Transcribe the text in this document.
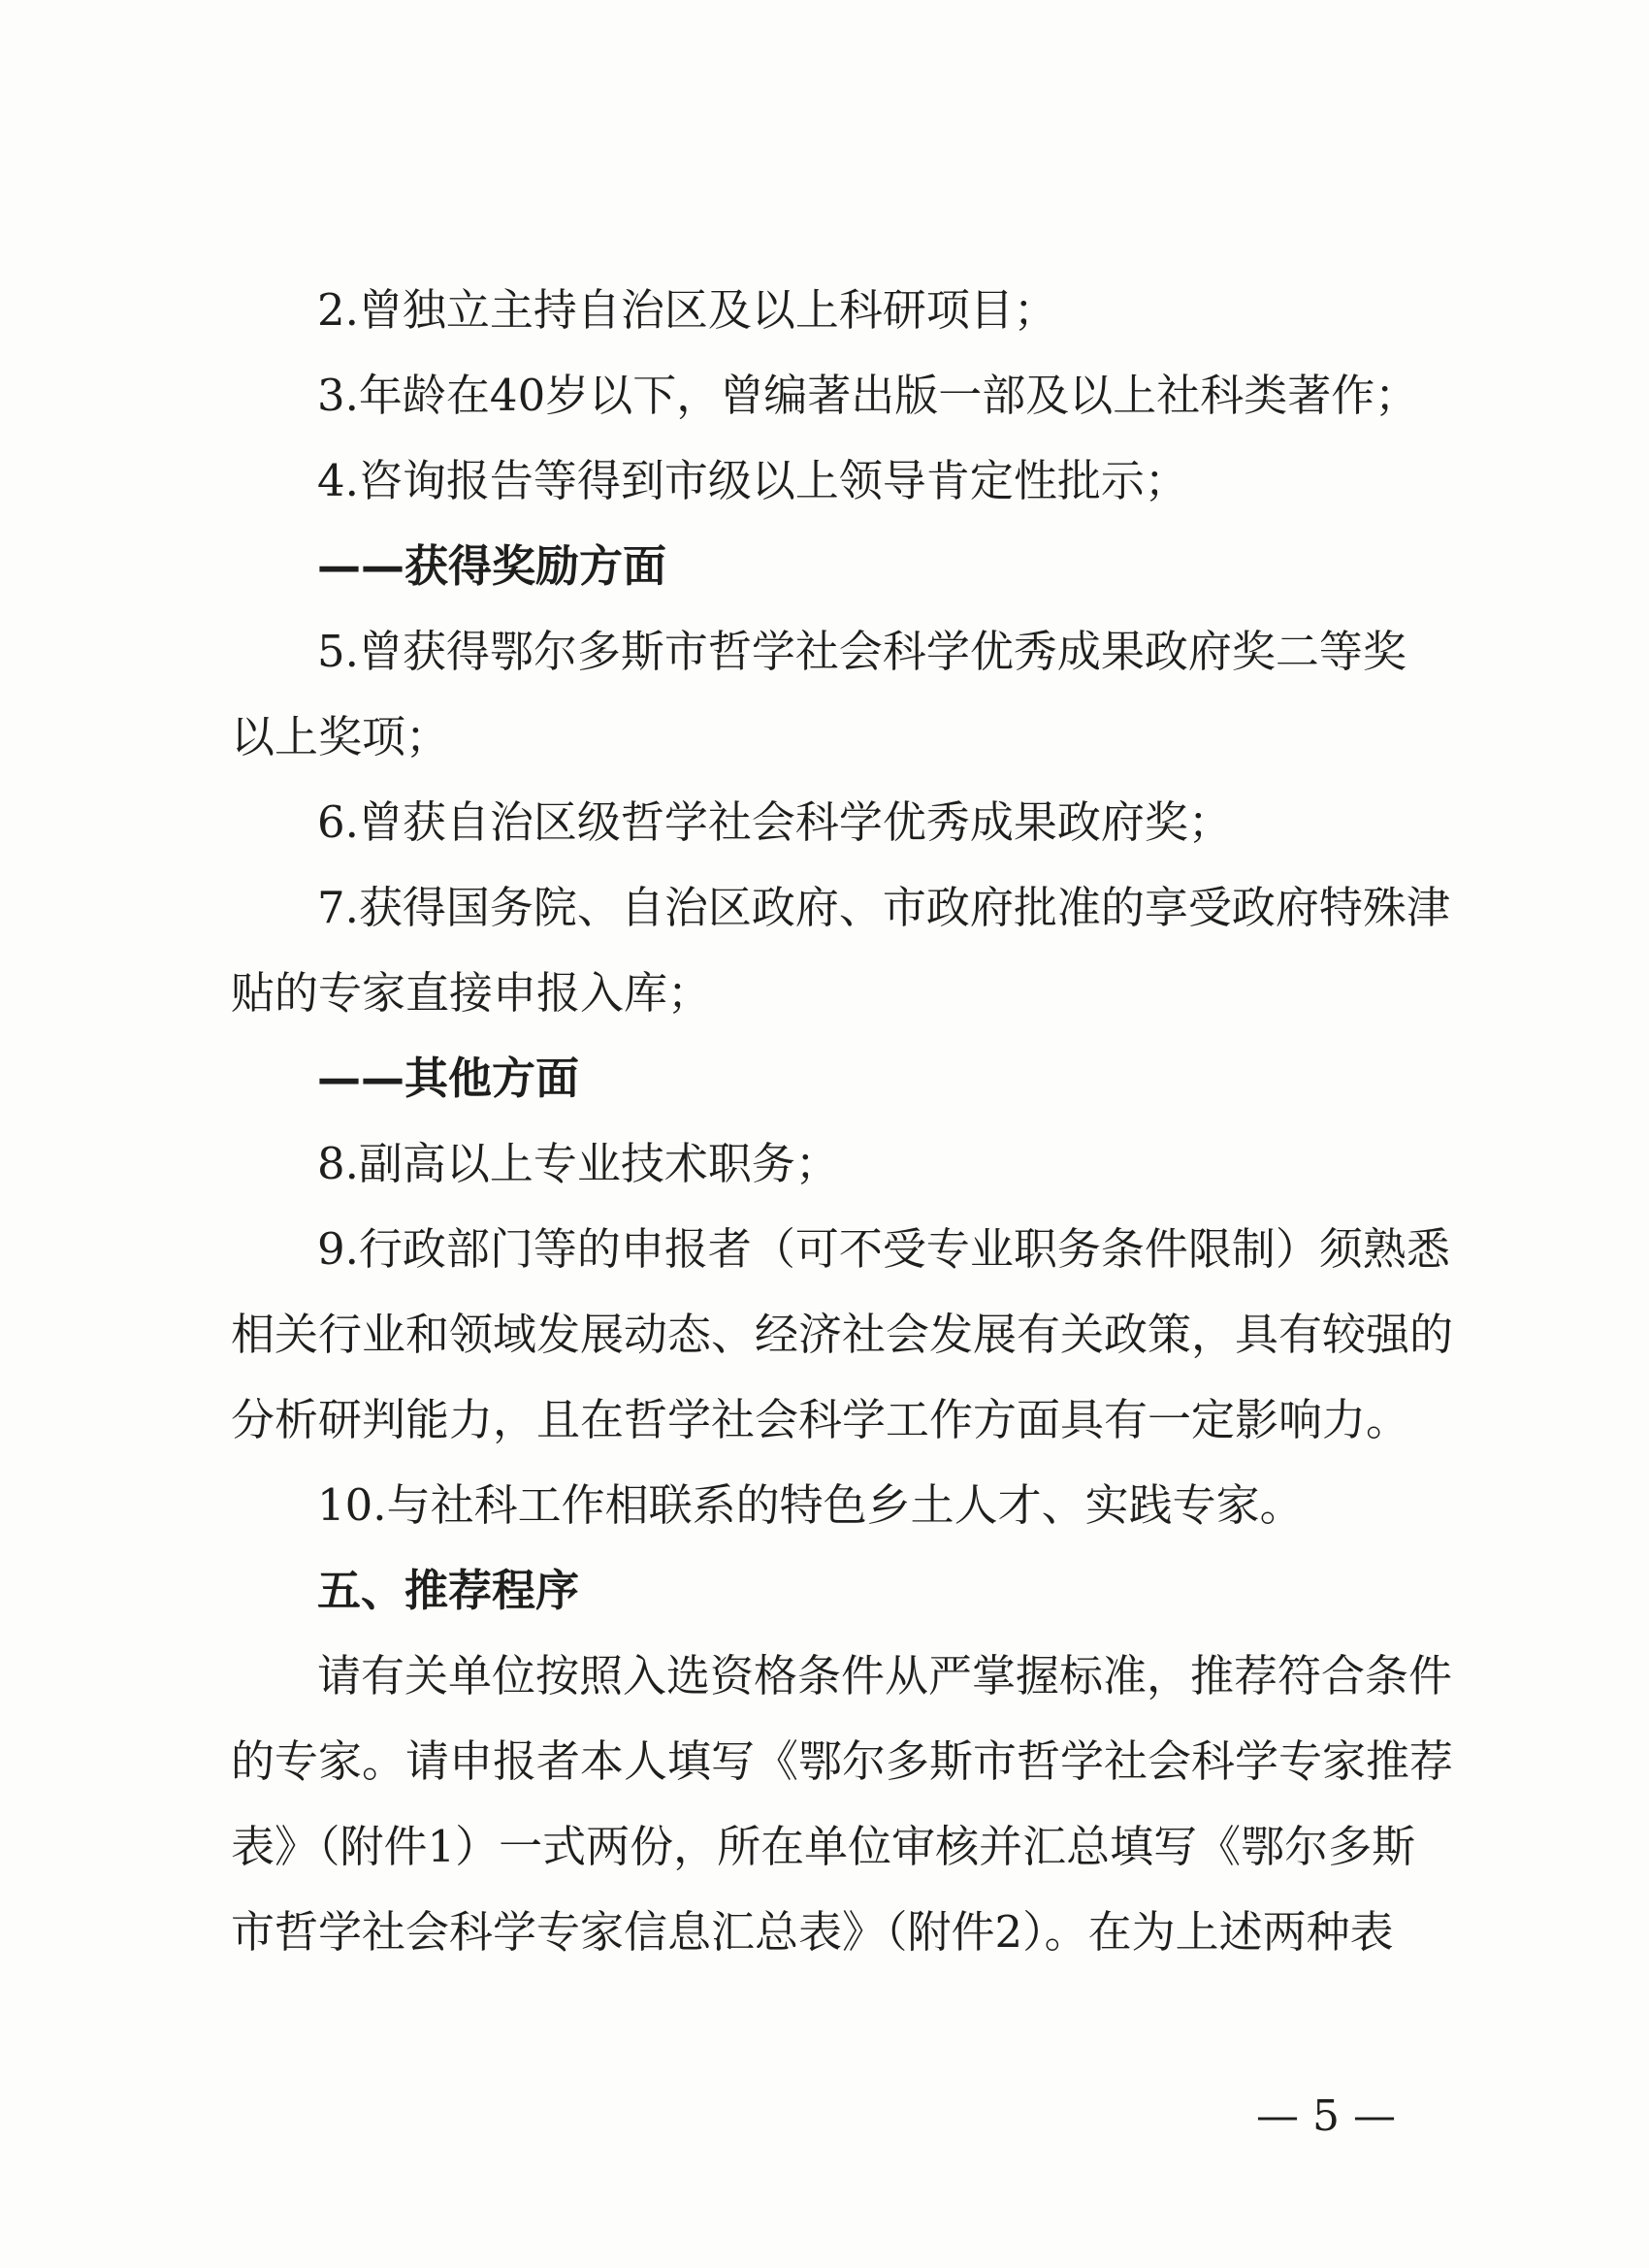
2.曾独立主持自治区及以上科研项目；
3.年龄在40岁以下，曾编著出版一部及以上社科类著作；
4.咨询报告等得到市级以上领导肯定性批示；
——获得奖励方面
5.曾获得鄂尔多斯市哲学社会科学优秀成果政府奖二等奖
以上奖项；
6.曾获自治区级哲学社会科学优秀成果政府奖；
7.获得国务院、自治区政府、市政府批准的享受政府特殊津
贴的专家直接申报入库；
——其他方面
8.副高以上专业技术职务；
9.行政部门等的申报者（可不受专业职务条件限制）须熟悉
相关行业和领域发展动态、经济社会发展有关政策，具有较强的
分析研判能力，且在哲学社会科学工作方面具有一定影响力。
10.与社科工作相联系的特色乡土人才、实践专家。
五、推荐程序
请有关单位按照入选资格条件从严掌握标准，推荐符合条件
的专家。请申报者本人填写《鄂尔多斯市哲学社会科学专家推荐
表》（附件1）一式两份，所在单位审核并汇总填写《鄂尔多斯
市哲学社会科学专家信息汇总表》（附件2）。在为上述两种表
— 5 —
